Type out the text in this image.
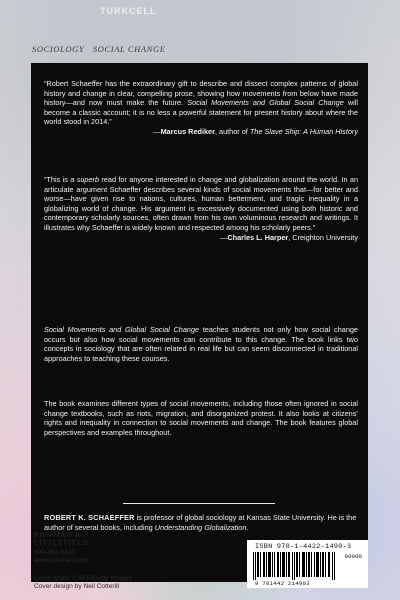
TURKCELL
SOCIOLOGY SOCIAL CHANGE

“Robert Schaeffer has the extraordinary gift to describe and dissect complex patterns of global history and change in clear, compelling prose, showing how movements from below have made history—and now must make the future. Social Movements and Global Social Change will become a classic account; it is no less a powerful statement for present history about where the world stood in 2014.”

—Marcus Rediker, author of The Slave Ship: A Human History

“This is a superb read for anyone interested in change and globalization around the world. In an articulate argument Schaeffer describes several kinds of social movements that—for better and worse—have given rise to nations, cultures, human betterment, and tragic inequality in a globalizing world of change. His argument is excessively documented using both historic and contemporary scholarly sources, often drawn from his own voluminous research and writings. It illustrates why Schaeffer is widely known and respected among his scholarly peers.”

—Charles L. Harper, Creighton University

Social Movements and Global Social Change teaches students not only how social change occurs but also how social movements can contribute to this change. The book links two concepts in sociology that are often related in real life but can seem disconnected in traditional approaches to teaching these courses.

The book examines different types of social movements, including those often ignored in social change textbooks, such as riots, migration, and disorganized protest. It also looks at citizens’ rights and inequality in connection to social movements and change. The book features global perspectives and examples throughout.

ROBERT K. SCHAEFFER is professor of global sociology at Kansas State University. He is the author of several books, including Understanding Globalization.

ROWMAN &
LITTLEFIELD
800-462-6420
www.rowman.com
Cover photo © AFP/Getty Images
Cover design by Neil Cotterill
ISBN 978-1-4422-1490-3
90000
9 781442 214903
